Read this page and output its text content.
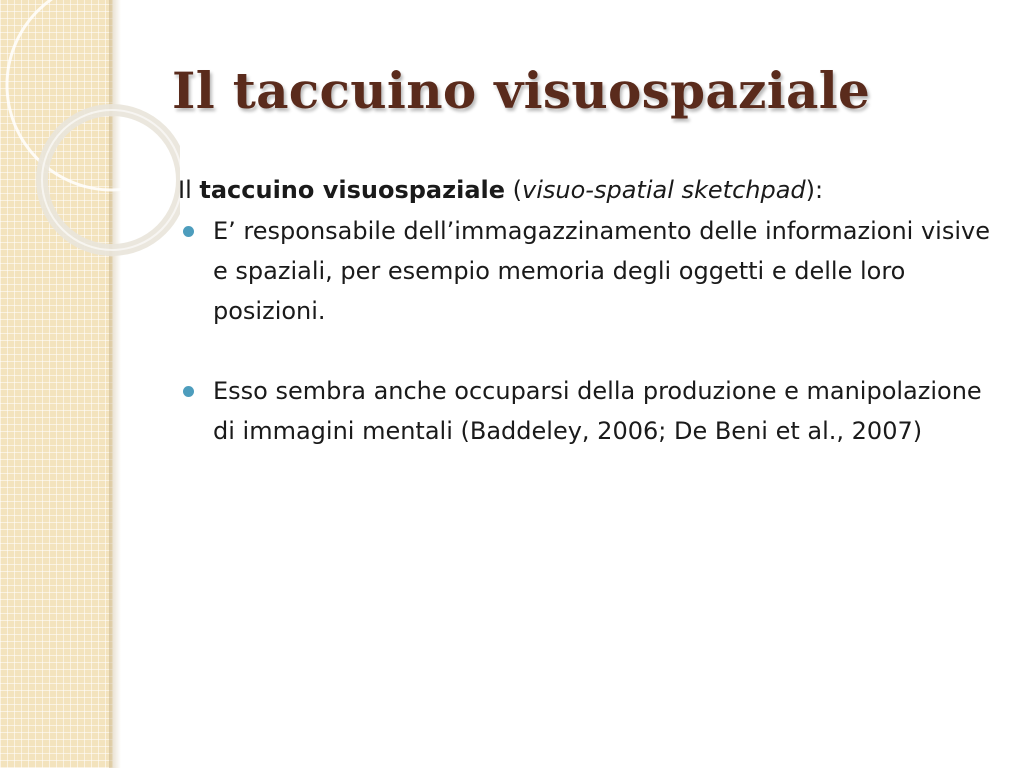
Il taccuino visuospaziale

Il taccuino visuospaziale (visuo-spatial sketchpad):

E’ responsabile dell’immagazzinamento delle informazioni visive e spaziali, per esempio memoria degli oggetti e delle loro posizioni.
Esso sembra anche occuparsi della produzione e manipolazione di immagini mentali (Baddeley, 2006; De Beni et al., 2007)
